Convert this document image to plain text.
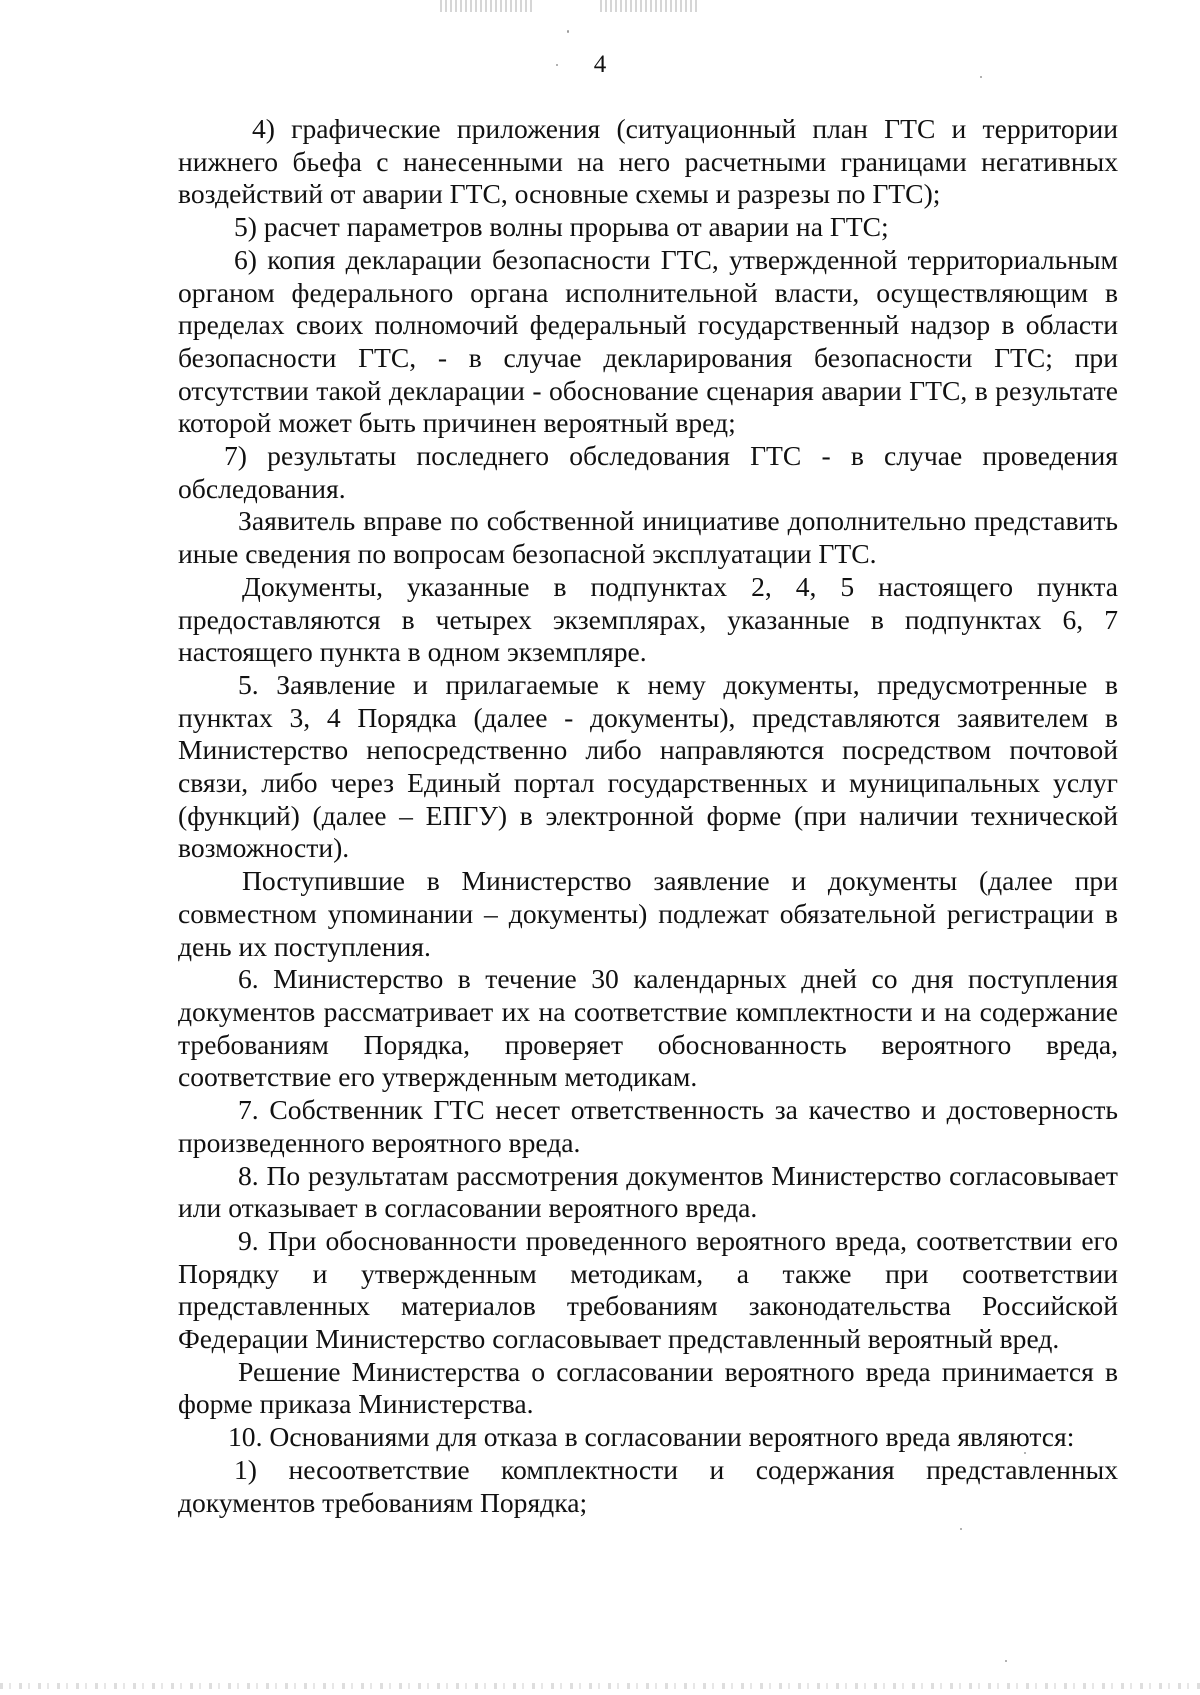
4

4) графические приложения (ситуационный план ГТС и территории нижнего бьефа с нанесенными на него расчетными границами негативных воздействий от аварии ГТС, основные схемы и разрезы по ГТС);

5) расчет параметров волны прорыва от аварии на ГТС;

6) копия декларации безопасности ГТС, утвержденной территориальным органом федерального органа исполнительной власти, осуществляющим в пределах своих полномочий федеральный государственный надзор в области безопасности ГТС, - в случае декларирования безопасности ГТС; при отсутствии такой декларации - обоснование сценария аварии ГТС, в результате которой может быть причинен вероятный вред;

7) результаты последнего обследования ГТС - в случае проведения обследования.

Заявитель вправе по собственной инициативе дополнительно представить иные сведения по вопросам безопасной эксплуатации ГТС.

Документы, указанные в подпунктах 2, 4, 5 настоящего пункта предоставляются в четырех экземплярах, указанные в подпунктах 6, 7 настоящего пункта в одном экземпляре.

5. Заявление и прилагаемые к нему документы, предусмотренные в пунктах 3, 4 Порядка (далее - документы), представляются заявителем в Министерство непосредственно либо направляются посредством почтовой связи, либо через Единый портал государственных и муниципальных услуг (функций) (далее – ЕПГУ) в электронной форме (при наличии технической возможности).

Поступившие в Министерство заявление и документы (далее при совместном упоминании – документы) подлежат обязательной регистрации в день их поступления.

6. Министерство в течение 30 календарных дней со дня поступления документов рассматривает их на соответствие комплектности и на содержание требованиям Порядка, проверяет обоснованность вероятного вреда, соответствие его утвержденным методикам.

7. Собственник ГТС несет ответственность за качество и достоверность произведенного вероятного вреда.

8. По результатам рассмотрения документов Министерство согласовывает или отказывает в согласовании вероятного вреда.

9. При обоснованности проведенного вероятного вреда, соответствии его Порядку и утвержденным методикам, а также при соответствии представленных материалов требованиям законодательства Российской Федерации Министерство согласовывает представленный вероятный вред.

Решение Министерства о согласовании вероятного вреда принимается в форме приказа Министерства.

10. Основаниями для отказа в согласовании вероятного вреда являются:

1) несоответствие комплектности и содержания представленных документов требованиям Порядка;
